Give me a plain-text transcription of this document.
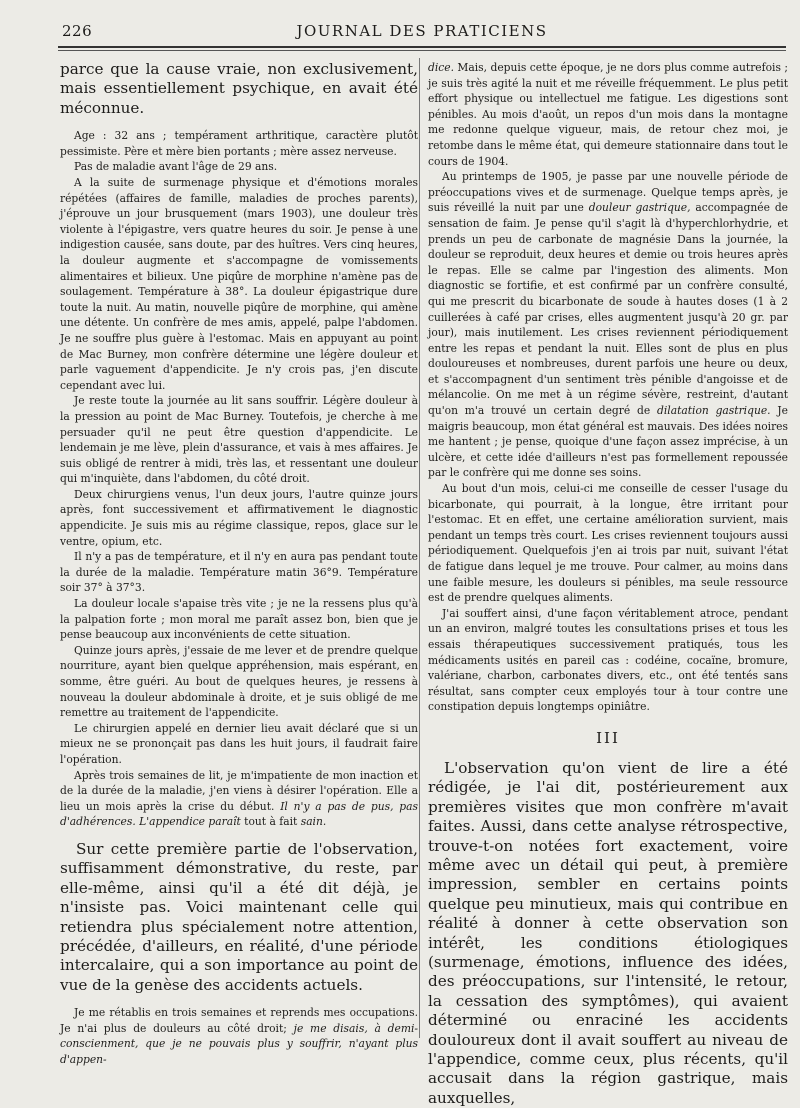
226	JOURNAL DES PRATICIENS

parce que la cause vraie, non exclusivement, mais essentiellement psychique, en avait été méconnue.

Age : 32 ans ; tempérament arthritique, caractère plutôt pessimiste. Père et mère bien portants ; mère assez nerveuse.

Pas de maladie avant l'âge de 29 ans.

A la suite de surmenage physique et d'émotions morales répétées (affaires de famille, maladies de proches parents), j'éprouve un jour brusquement (mars 1903), une douleur très violente à l'épigastre, vers quatre heures du soir. Je pense à une indigestion causée, sans doute, par des huîtres. Vers cinq heures, la douleur augmente et s'accompagne de vomissements alimentaires et bilieux. Une piqûre de morphine n'amène pas de soulagement. Température à 38°. La douleur épigastrique dure toute la nuit. Au matin, nouvelle piqûre de morphine, qui amène une détente. Un confrère de mes amis, appelé, palpe l'abdomen. Je ne souffre plus guère à l'estomac. Mais en appuyant au point de Mac Burney, mon confrère détermine une légère douleur et parle vaguement d'appendicite. Je n'y crois pas, j'en discute cependant avec lui.

Je reste toute la journée au lit sans souffrir. Légère douleur à la pression au point de Mac Burney. Toutefois, je cherche à me persuader qu'il ne peut être question d'appendicite. Le lendemain je me lève, plein d'assurance, et vais à mes affaires. Je suis obligé de rentrer à midi, très las, et ressentant une douleur qui m'inquiète, dans l'abdomen, du côté droit.

Deux chirurgiens venus, l'un deux jours, l'autre quinze jours après, font successivement et affirmativement le diagnostic appendicite. Je suis mis au régime classique, repos, glace sur le ventre, opium, etc.

Il n'y a pas de température, et il n'y en aura pas pendant toute la durée de la maladie. Température matin 36°9. Température soir 37° à 37°3.

La douleur locale s'apaise très vite ; je ne la ressens plus qu'à la palpation forte ; mon moral me paraît assez bon, bien que je pense beaucoup aux inconvénients de cette situation.

Quinze jours après, j'essaie de me lever et de prendre quelque nourriture, ayant bien quelque appréhension, mais espérant, en somme, être guéri. Au bout de quelques heures, je ressens à nouveau la douleur abdominale à droite, et je suis obligé de me remettre au traitement de l'appendicite.

Le chirurgien appelé en dernier lieu avait déclaré que si un mieux ne se prononçait pas dans les huit jours, il faudrait faire l'opération.

Après trois semaines de lit, je m'impatiente de mon inaction et de la durée de la maladie, j'en viens à désirer l'opération. Elle a lieu un mois après la crise du début. Il n'y a pas de pus, pas d'adhérences. L'appendice paraît tout à fait sain.

Sur cette première partie de l'observation, suffisamment démonstrative, du reste, par elle-même, ainsi qu'il a été dit déjà, je n'insiste pas. Voici maintenant celle qui retiendra plus spécialement notre attention, précédée, d'ailleurs, en réalité, d'une période intercalaire, qui a son importance au point de vue de la genèse des accidents actuels.

Je me rétablis en trois semaines et reprends mes occupations. Je n'ai plus de douleurs au côté droit; je me disais, à demi-conscienment, que je ne pouvais plus y souffrir, n'ayant plus d'appen-

dice. Mais, depuis cette époque, je ne dors plus comme autrefois ; je suis très agité la nuit et me réveille fréquemment. Le plus petit effort physique ou intellectuel me fatigue. Les digestions sont pénibles. Au mois d'août, un repos d'un mois dans la montagne me redonne quelque vigueur, mais, de retour chez moi, je retombe dans le même état, qui demeure stationnaire dans tout le cours de 1904.

Au printemps de 1905, je passe par une nouvelle période de préoccupations vives et de surmenage. Quelque temps après, je suis réveillé la nuit par une douleur gastrique, accompagnée de sensation de faim. Je pense qu'il s'agit là d'hyperchlorhydrie, et prends un peu de carbonate de magnésie Dans la journée, la douleur se reproduit, deux heures et demie ou trois heures après le repas. Elle se calme par l'ingestion des aliments. Mon diagnostic se fortifie, et est confirmé par un confrère consulté, qui me prescrit du bicarbonate de soude à hautes doses (1 à 2 cuillerées à café par crises, elles augmentent jusqu'à 20 gr. par jour), mais inutilement. Les crises reviennent périodiquement entre les repas et pendant la nuit. Elles sont de plus en plus douloureuses et nombreuses, durent parfois une heure ou deux, et s'accompagnent d'un sentiment très pénible d'angoisse et de mélancolie. On me met à un régime sévère, restreint, d'autant qu'on m'a trouvé un certain degré de dilatation gastrique. Je maigris beaucoup, mon état général est mauvais. Des idées noires me hantent ; je pense, quoique d'une façon assez imprécise, à un ulcère, et cette idée d'ailleurs n'est pas formellement repoussée par le confrère qui me donne ses soins.

Au bout d'un mois, celui-ci me conseille de cesser l'usage du bicarbonate, qui pourrait, à la longue, être irritant pour l'estomac. Et en effet, une certaine amélioration survient, mais pendant un temps très court. Les crises reviennent toujours aussi périodiquement. Quelquefois j'en ai trois par nuit, suivant l'état de fatigue dans lequel je me trouve. Pour calmer, au moins dans une faible mesure, les douleurs si pénibles, ma seule ressource est de prendre quelques aliments.

J'ai souffert ainsi, d'une façon véritablement atroce, pendant un an environ, malgré toutes les consultations prises et tous les essais thérapeutiques successivement pratiqués, tous les médicaments usités en pareil cas : codéine, cocaïne, bromure, valériane, charbon, carbonates divers, etc., ont été tentés sans résultat, sans compter ceux employés tour à tour contre une constipation depuis longtemps opiniâtre.

III

L'observation qu'on vient de lire a été rédigée, je l'ai dit, postérieurement aux premières visites que mon confrère m'avait faites. Aussi, dans cette analyse rétrospective, trouve-t-on notées fort exactement, voire même avec un détail qui peut, à première impression, sembler en certains points quelque peu minutieux, mais qui contribue en réalité à donner à cette observation son intérêt, les conditions étiologiques (surmenage, émotions, influence des idées, des préoccupations, sur l'intensité, le retour, la cessation des symptômes), qui avaient déterminé ou enraciné les accidents douloureux dont il avait souffert au niveau de l'appendice, comme ceux, plus récents, qu'il accusait dans la région gastrique, mais auxquelles,
